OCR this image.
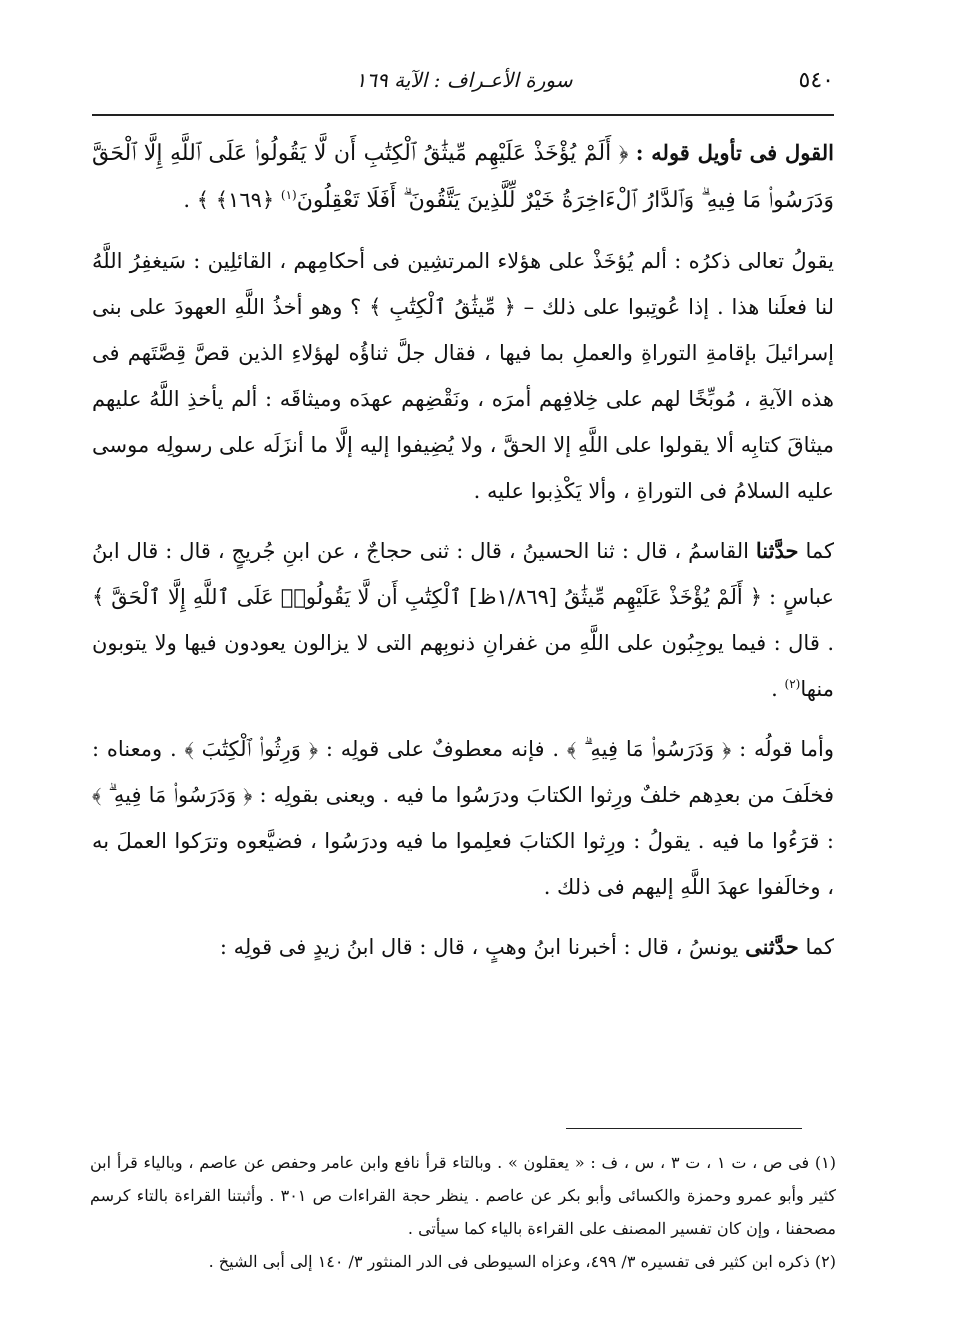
٥٤٠
سورة الأعـراف : الآية ١٦٩

القول فى تأويل قوله : ﴿ أَلَمْ يُؤْخَذْ عَلَيْهِم مِّيثَٰقُ ٱلْكِتَٰبِ أَن لَّا يَقُولُوا۟ عَلَى ٱللَّهِ إِلَّا ٱلْحَقَّ وَدَرَسُوا۟ مَا فِيهِ ۗ وَٱلدَّارُ ٱلْءَاخِرَةُ خَيْرٌ لِّلَّذِينَ يَتَّقُونَ ۗ أَفَلَا تَعْقِلُونَ$^{(١)}$ ﴿١٦٩﴾ ﴾ .

يقولُ تعالى ذكرُه : ألم يُؤخَذْ على هؤلاء المرتشِين فى أحكامِهم ، القائلِين : سَيغفِرُ اللَّهُ لنا فعلَنا هذا . إذا عُوتِبوا على ذلك – ﴿ مِّيثَٰقُ ٱلْكِتَٰبِ ﴾ ؟ وهو أخذُ اللَّهِ العهودَ على بنى إسرائيلَ بإقامةِ التوراةِ والعملِ بما فيها ، فقال جلَّ ثناؤُه لهؤلاءِ الذين قصَّ قِصَّتَهم فى هذه الآيةِ ، مُوبِّخًا لهم على خِلافِهم أمرَه ، ونَقْضِهم عهدَه وميثاقَه : ألم يأخذِ اللَّهُ عليهم ميثاقَ كتابِه ألا يقولوا على اللَّهِ إلا الحقَّ ، ولا يُضِيفوا إليه إلَّا ما أنزَلَه على رسولِه موسى عليه السلامُ فى التوراةِ ، وألا يَكْذِبوا عليه .

كما حدَّثنا القاسمُ ، قال : ثنا الحسينُ ، قال : ثنى حجاجٌ ، عن ابنِ جُريجٍ ، قال : قال ابنُ عباسٍ : ﴿ أَلَمْ يُؤْخَذْ عَلَيْهِم مِّيثَٰقُ [١/٨٦٩ظ] ٱلْكِتَٰبِ أَن لَّا يَقُولُوا۟ عَلَى ٱللَّهِ إِلَّا ٱلْحَقَّ ﴾ . قال : فيما يوجِبُون على اللَّهِ من غفرانِ ذنوبِهم التى لا يزالون يعودون فيها ولا يتوبون منها$^{(٢)}$ .

وأما قولُه : ﴿ وَدَرَسُوا۟ مَا فِيهِ ۗ ﴾ . فإنه معطوفٌ على قولِه : ﴿ وَرِثُوا۟ ٱلْكِتَٰبَ ﴾ . ومعناه : فخلَفَ من بعدِهم خلفٌ ورِثوا الكتابَ ودرَسُوا ما فيه . ويعنى بقولِه : ﴿ وَدَرَسُوا۟ مَا فِيهِ ۗ ﴾ : قرَءُوا ما فيه . يقولُ : ورِثوا الكتابَ فعلِموا ما فيه ودرَسُوا ، فضيَّعوه وترَكوا العملَ به ، وخالَفوا عهدَ اللَّهِ إليهم فى ذلك .

كما حدَّثنى يونسُ ، قال : أخبرنا ابنُ وهبٍ ، قال : قال ابنُ زيدٍ فى قولِه :

(١) فى ص ، ت ١ ، ت ٣ ، س ، ف : « يعقلون » . وبالتاء قرأ نافع وابن عامر وحفص عن عاصم ، وبالياء قرأ ابن كثير وأبو عمرو وحمزة والكسائى وأبو بكر عن عاصم . ينظر حجة القراءات ص ٣٠١ . وأثبتنا القراءة بالتاء كرسم مصحفنا ، وإن كان تفسير المصنف على القراءة بالياء كما سيأتى .

(٢) ذكره ابن كثير فى تفسيره ٣/ ٤٩٩، وعزاه السيوطى فى الدر المنثور ٣/ ١٤٠ إلى أبى الشيخ .
